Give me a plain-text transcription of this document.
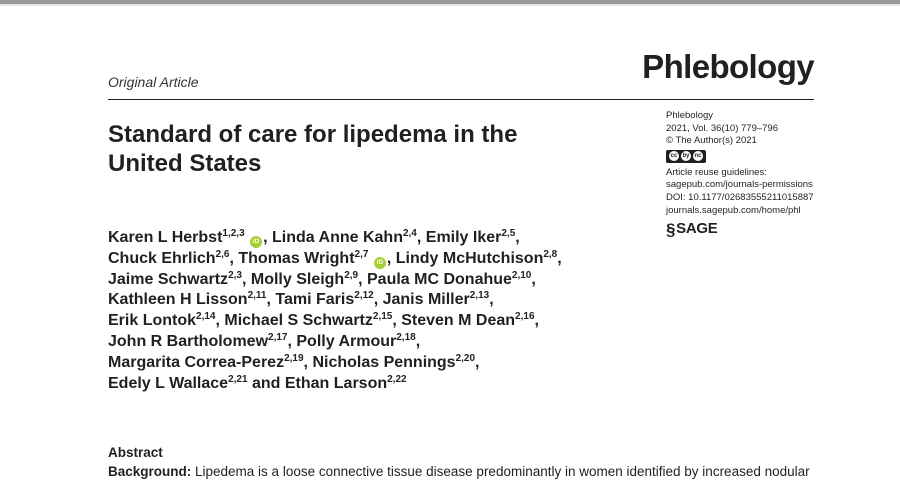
Original Article	Phlebology
Standard of care for lipedema in the
United States
Phlebology
2021, Vol. 36(10) 779–796
© The Author(s) 2021
cc by nc
Article reuse guidelines:
sagepub.com/journals-permissions
DOI: 10.1177/02683555211015887
journals.sagepub.com/home/phl
§ SAGE
Karen L Herbst$^{1,2,3}$ iD , Linda Anne Kahn$^{2,4}$, Emily Iker$^{2,5}$,
Chuck Ehrlich$^{2,6}$, Thomas Wright$^{2,7}$ iD , Lindy McHutchison$^{2,8}$,
Jaime Schwartz$^{2,3}$, Molly Sleigh$^{2,9}$, Paula MC Donahue$^{2,10}$,
Kathleen H Lisson$^{2,11}$, Tami Faris$^{2,12}$, Janis Miller$^{2,13}$,
Erik Lontok$^{2,14}$, Michael S Schwartz$^{2,15}$, Steven M Dean$^{2,16}$,
John R Bartholomew$^{2,17}$, Polly Armour$^{2,18}$,
Margarita Correa-Perez$^{2,19}$, Nicholas Pennings$^{2,20}$,
Edely L Wallace$^{2,21}$ and Ethan Larson$^{2,22}$
Abstract
Background: Lipedema is a loose connective tissue disease predominantly in women identified by increased nodular
